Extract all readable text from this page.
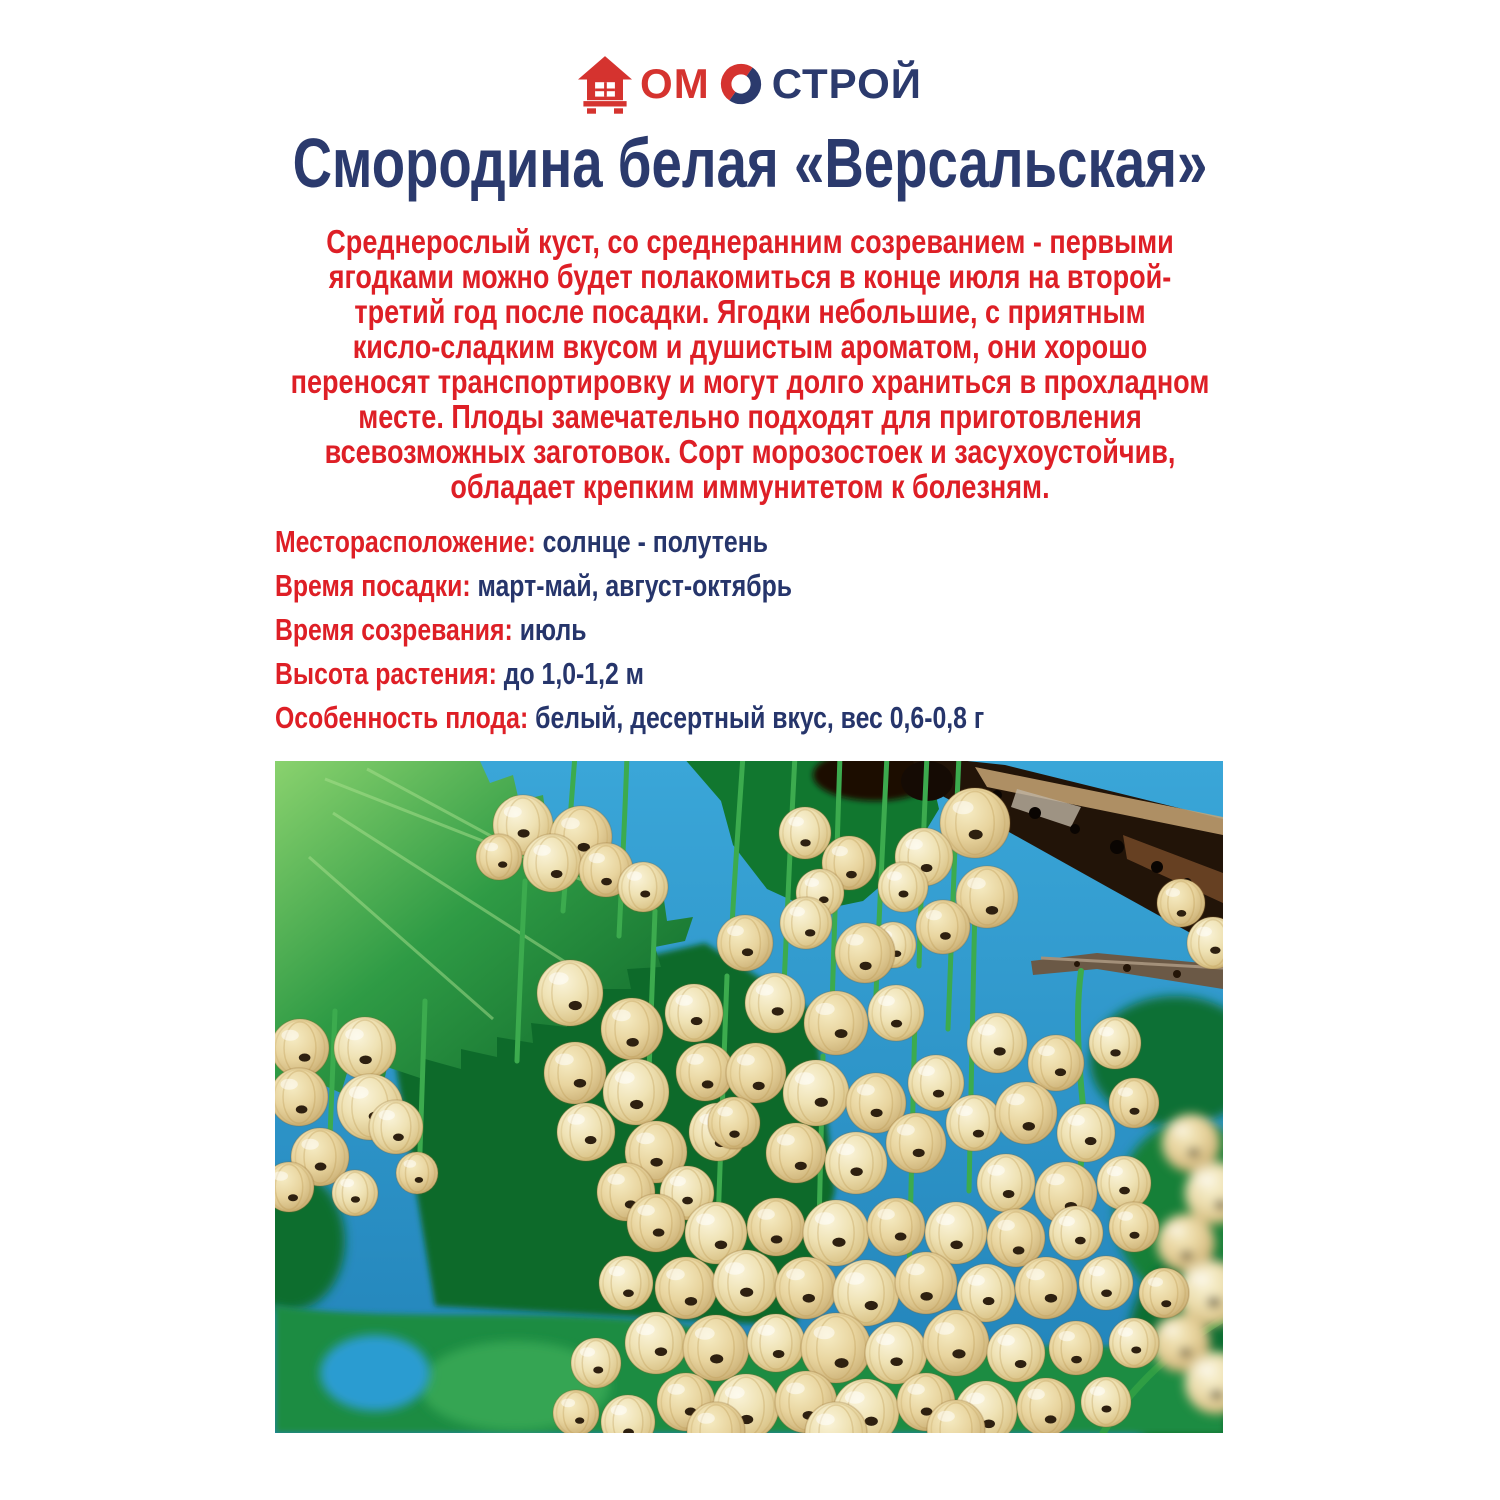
ОМ СТРОЙ
Смородина белая «Версальская»
Среднерослый куст, со среднеранним созреванием - первыми
ягодками можно будет полакомиться в конце июля на второй-
третий год после посадки. Ягодки небольшие, с приятным
кисло-сладким вкусом и душистым ароматом, они хорошо
переносят транспортировку и могут долго храниться в прохладном
месте. Плоды замечательно подходят для приготовления
всевозможных заготовок. Сорт морозостоек и засухоустойчив,
обладает крепким иммунитетом к болезням.
Месторасположение: солнце - полутень
Время посадки: март-май, август-октябрь
Время созревания: июль
Высота растения: до 1,0-1,2 м
Особенность плода: белый, десертный вкус, вес 0,6-0,8 г
